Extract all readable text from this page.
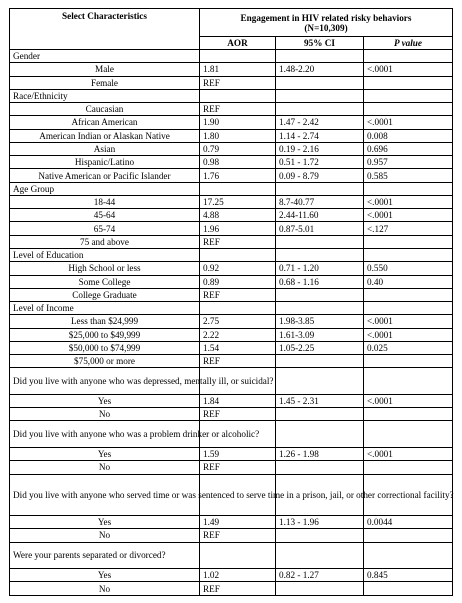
Select Characteristics	Engagement in HIV related risky behaviors
(N=10,309)		

	AOR	95% CI	P value
Gender			
Male	1.81	1.48-2.20	<.0001
Female	REF		
Race/Ethnicity			
Caucasian	REF		
African American	1.90	1.47 - 2.42	<.0001
American Indian or Alaskan Native	1.80	1.14 - 2.74	0.008
Asian	0.79	0.19 - 2.16	0.696
Hispanic/Latino	0.98	0.51 - 1.72	0.957
Native American or Pacific Islander	1.76	0.09 - 8.79	0.585
Age Group			
18-44	17.25	8.7-40.77	<.0001
45-64	4.88	2.44-11.60	<.0001
65-74	1.96	0.87-5.01	<.127
75 and above	REF		
Level of Education			
High School or less	0.92	0.71 - 1.20	0.550
Some College	0.89	0.68 - 1.16	0.40
College Graduate	REF		
Level of Income			
Less than $24,999	2.75	1.98-3.85	<.0001
$25,000 to $49,999	2.22	1.61-3.09	<.0001
$50,000 to $74,999	1.54	1.05-2.25	0.025
$75,000 or more	REF		
Did you live with anyone who was depressed, mentally ill, or suicidal?			
Yes	1.84	1.45 - 2.31	<.0001
No	REF		
Did you live with anyone who was a problem drinker or alcoholic?			
Yes	1.59	1.26 - 1.98	<.0001
No	REF		
Did you live with anyone who served time or was sentenced to serve time in a prison, jail, or other correctional facility?			
Yes	1.49	1.13 - 1.96	0.0044
No	REF		
Were your parents separated or divorced?			
Yes	1.02	0.82 - 1.27	0.845
No	REF		
